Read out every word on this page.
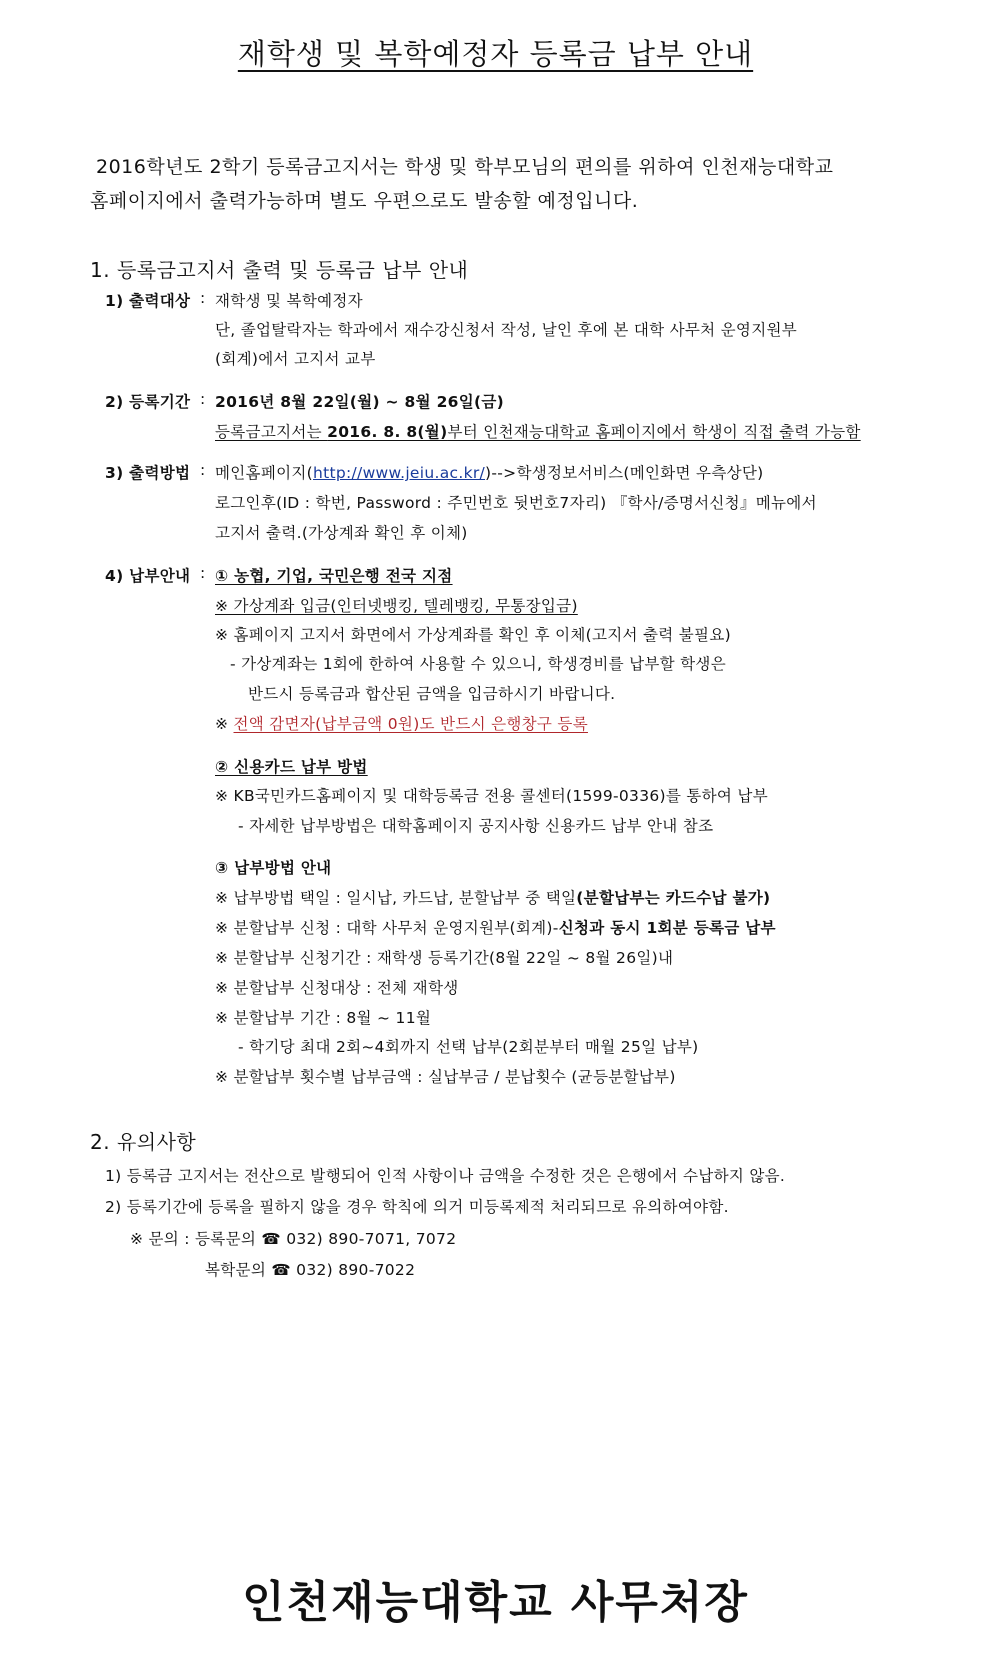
재학생 및 복학예정자 등록금 납부 안내
2016학년도 2학기 등록금고지서는 학생 및 학부모님의 편의를 위하여 인천재능대학교
홈페이지에서 출력가능하며 별도 우편으로도 발송할 예정입니다.
1. 등록금고지서 출력 및 등록금 납부 안내
1) 출력대상 : 재학생 및 복학예정자
단, 졸업탈락자는 학과에서 재수강신청서 작성, 날인 후에 본 대학 사무처 운영지원부
(회계)에서 고지서 교부
2) 등록기간 : 2016년 8월 22일(월) ~ 8월 26일(금)
등록금고지서는 2016. 8. 8(월)부터 인천재능대학교 홈페이지에서 학생이 직접 출력 가능함
3) 출력방법 : 메인홈페이지(http://www.jeiu.ac.kr/)-->학생정보서비스(메인화면 우측상단)
로그인후(ID : 학번, Password : 주민번호 뒷번호7자리) 『학사/증명서신청』메뉴에서
고지서 출력.(가상계좌 확인 후 이체)
4) 납부안내 : ① 농협, 기업, 국민은행 전국 지점
※ 가상계좌 입금(인터넷뱅킹, 텔레뱅킹, 무통장입금)
※ 홈페이지 고지서 화면에서 가상계좌를 확인 후 이체(고지서 출력 불필요)
- 가상계좌는 1회에 한하여 사용할 수 있으니, 학생경비를 납부할 학생은
반드시 등록금과 합산된 금액을 입금하시기 바랍니다.
※ 전액 감면자(납부금액 0원)도 반드시 은행창구 등록
② 신용카드 납부 방법
※ KB국민카드홈페이지 및 대학등록금 전용 콜센터(1599-0336)를 통하여 납부
- 자세한 납부방법은 대학홈페이지 공지사항 신용카드 납부 안내 참조
③ 납부방법 안내
※ 납부방법 택일 : 일시납, 카드납, 분할납부 중 택일(분할납부는 카드수납 불가)
※ 분할납부 신청 : 대학 사무처 운영지원부(회계)-신청과 동시 1회분 등록금 납부
※ 분할납부 신청기간 : 재학생 등록기간(8월 22일 ~ 8월 26일)내
※ 분할납부 신청대상 : 전체 재학생
※ 분할납부 기간 : 8월 ~ 11월
- 학기당 최대 2회~4회까지 선택 납부(2회분부터 매월 25일 납부)
※ 분할납부 횟수별 납부금액 : 실납부금 / 분납횟수 (균등분할납부)
2. 유의사항
1) 등록금 고지서는 전산으로 발행되어 인적 사항이나 금액을 수정한 것은 은행에서 수납하지 않음.
2) 등록기간에 등록을 필하지 않을 경우 학칙에 의거 미등록제적 처리되므로 유의하여야함.
※ 문의 : 등록문의 ☎ 032) 890-7071, 7072
복학문의 ☎ 032) 890-7022
인천재능대학교 사무처장
